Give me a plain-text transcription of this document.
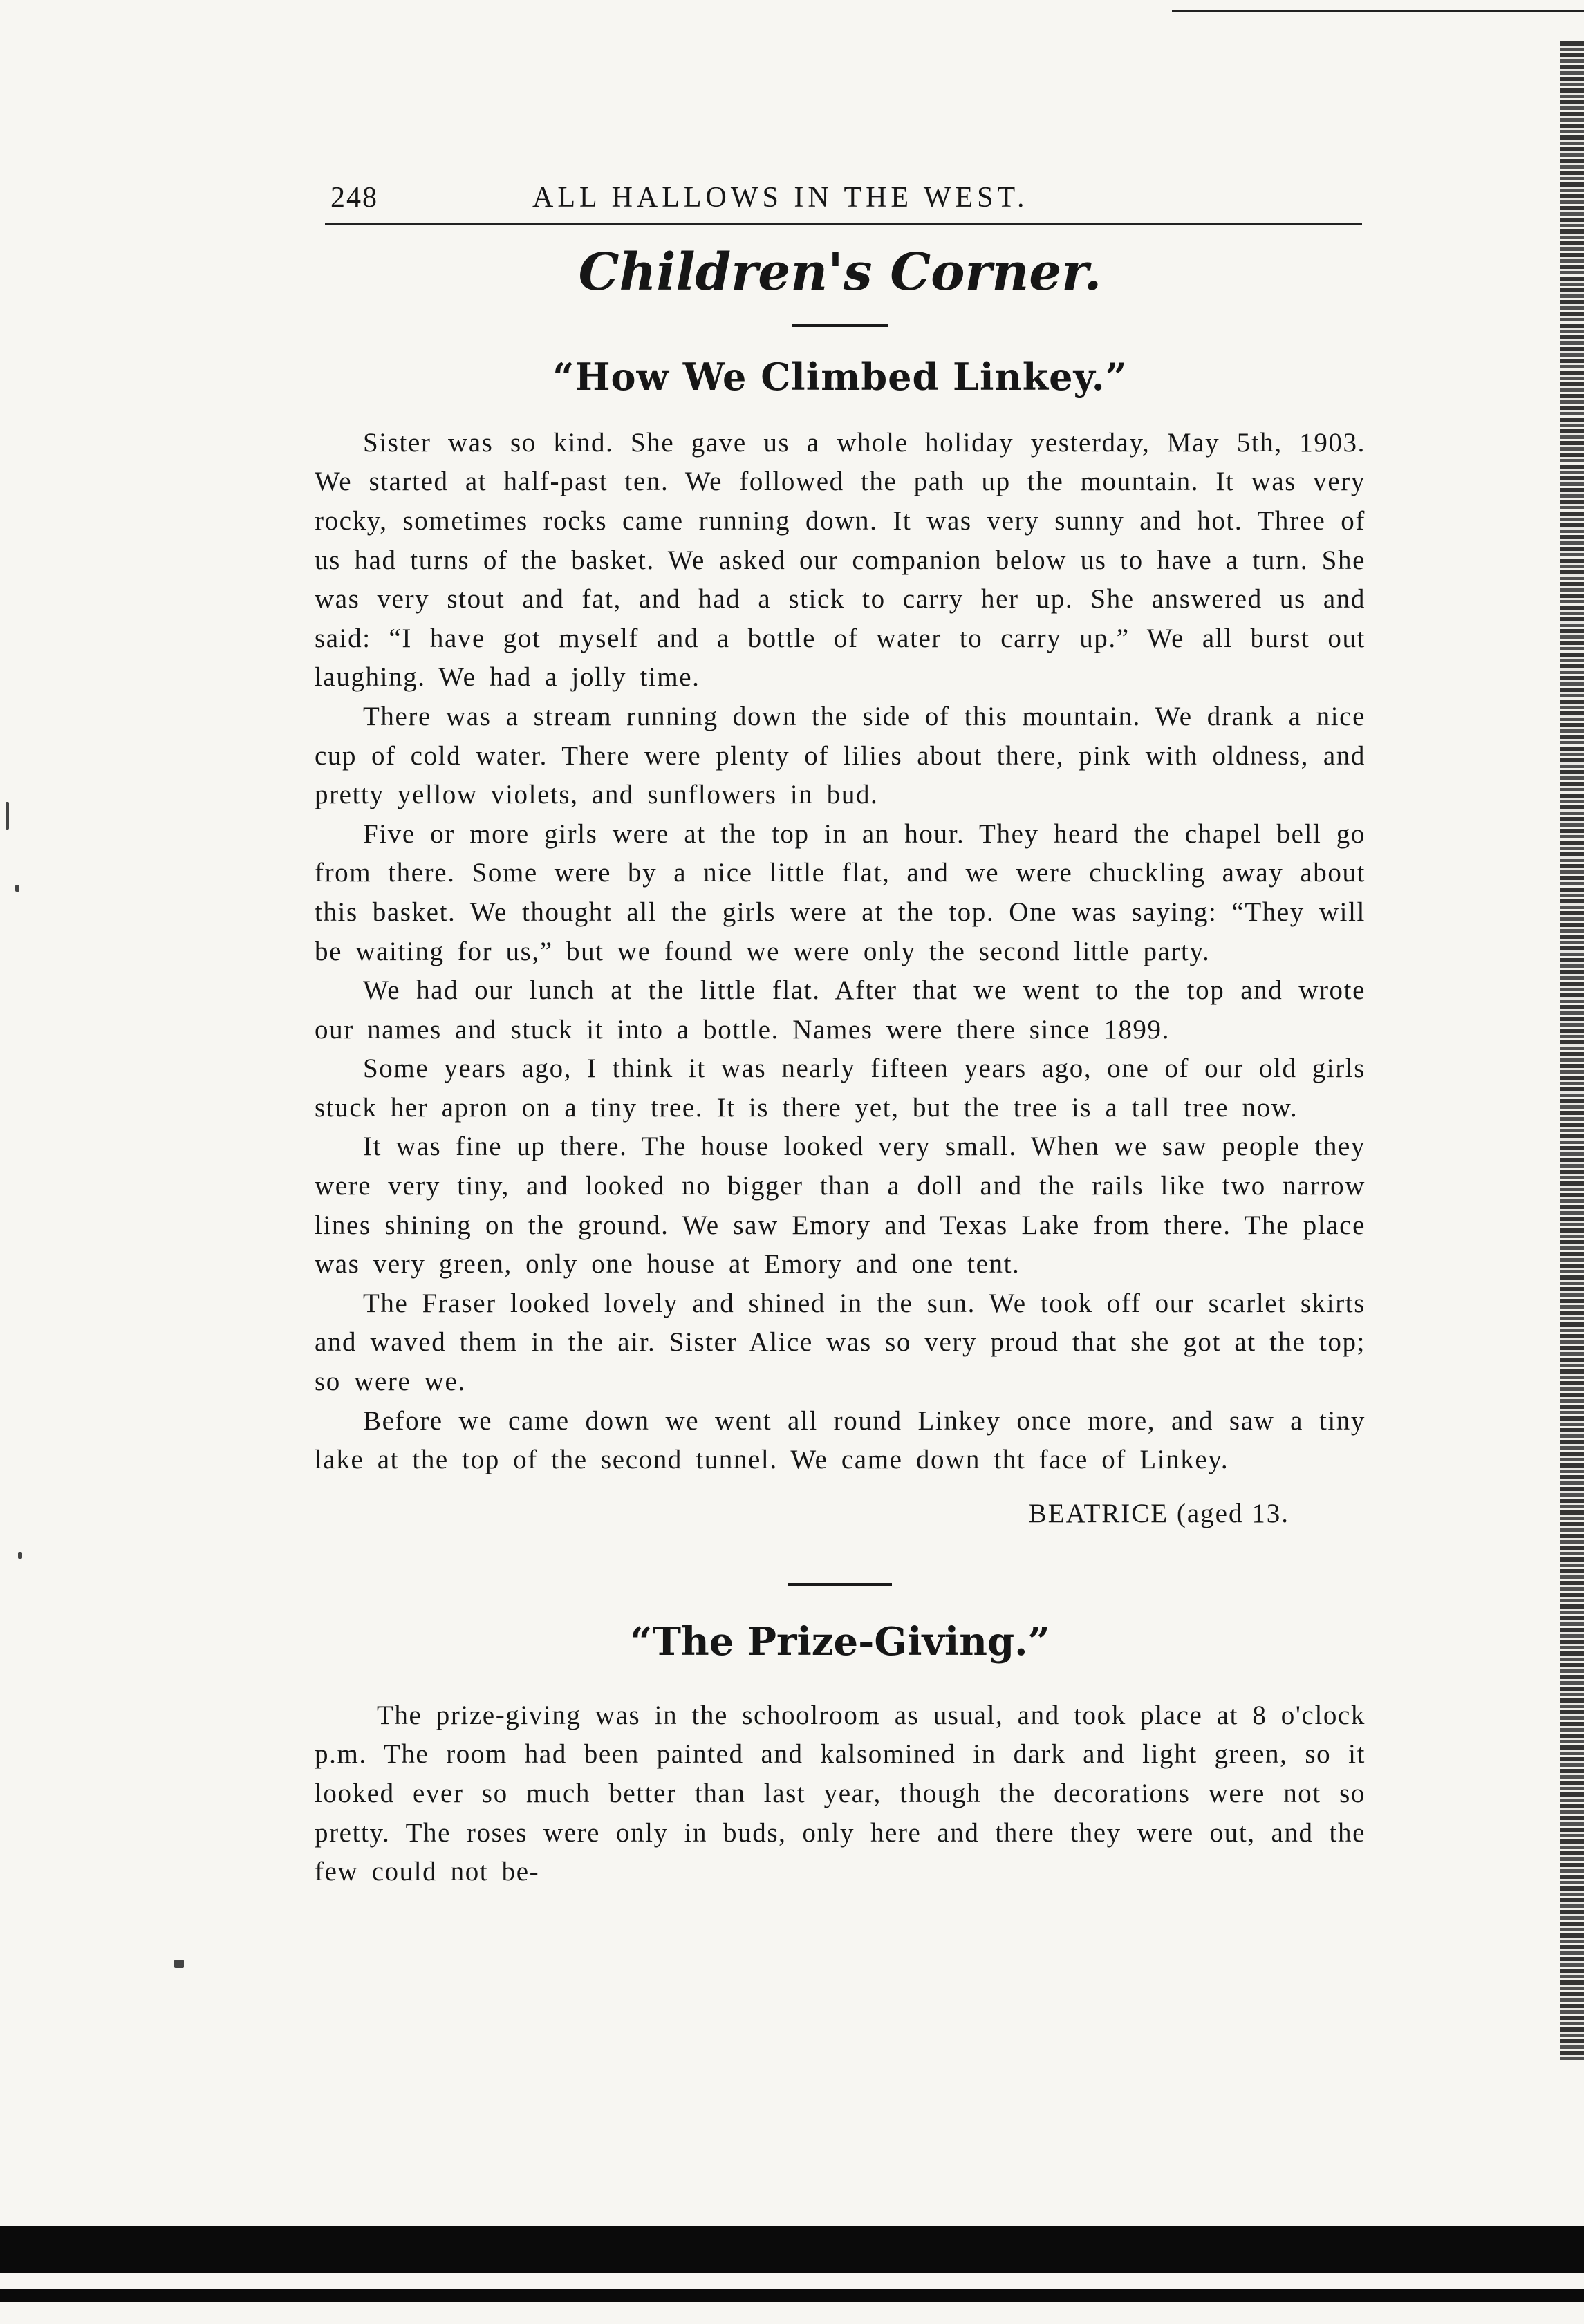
248	ALL HALLOWS IN THE WEST.
Children's Corner.
“How We Climbed Linkey.”

Sister was so kind. She gave us a whole holiday yesterday, May 5th, 1903. We started at half-past ten. We followed the path up the mountain. It was very rocky, sometimes rocks came running down. It was very sunny and hot. Three of us had turns of the basket. We asked our companion below us to have a turn. She was very stout and fat, and had a stick to carry her up. She answered us and said: “I have got myself and a bottle of water to carry up.” We all burst out laughing. We had a jolly time.

There was a stream running down the side of this mountain. We drank a nice cup of cold water. There were plenty of lilies about there, pink with oldness, and pretty yellow violets, and sunflowers in bud.

Five or more girls were at the top in an hour. They heard the chapel bell go from there. Some were by a nice little flat, and we were chuckling away about this basket. We thought all the girls were at the top. One was saying: “They will be waiting for us,” but we found we were only the second little party.

We had our lunch at the little flat. After that we went to the top and wrote our names and stuck it into a bottle. Names were there since 1899.

Some years ago, I think it was nearly fifteen years ago, one of our old girls stuck her apron on a tiny tree. It is there yet, but the tree is a tall tree now.

It was fine up there. The house looked very small. When we saw people they were very tiny, and looked no bigger than a doll and the rails like two narrow lines shining on the ground. We saw Emory and Texas Lake from there. The place was very green, only one house at Emory and one tent.

The Fraser looked lovely and shined in the sun. We took off our scarlet skirts and waved them in the air. Sister Alice was so very proud that she got at the top; so were we.

Before we came down we went all round Linkey once more, and saw a tiny lake at the top of the second tunnel. We came down tht face of Linkey.

BEATRICE (aged 13.
“The Prize-Giving.”

The prize-giving was in the schoolroom as usual, and took place at 8 o'clock p.m. The room had been painted and kalsomined in dark and light green, so it looked ever so much better than last year, though the decorations were not so pretty. The roses were only in buds, only here and there they were out, and the few could not be-
